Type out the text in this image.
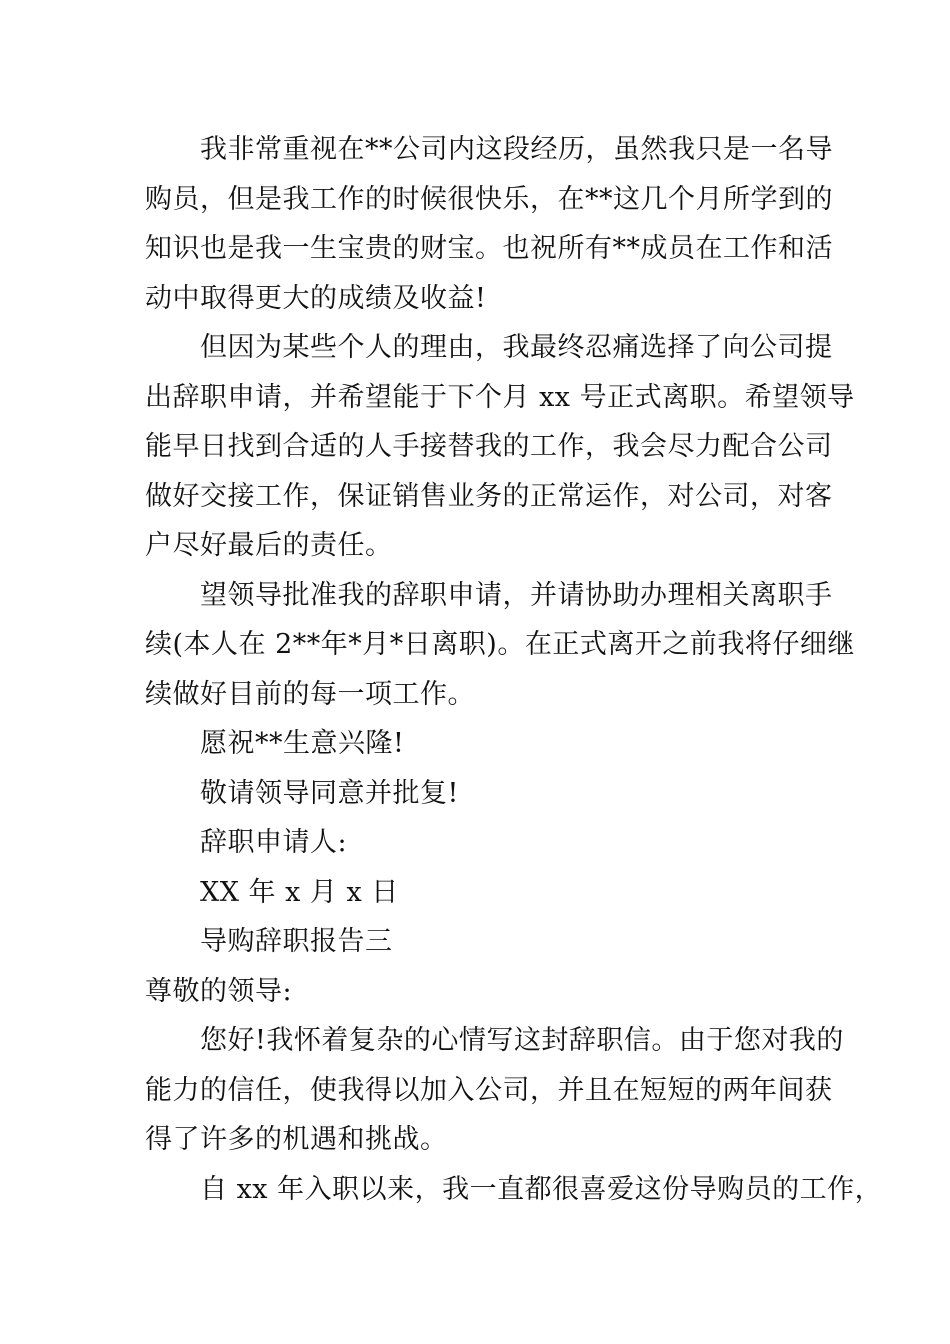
我非常重视在**公司内这段经历，虽然我只是一名导
购员，但是我工作的时候很快乐，在**这几个月所学到的
知识也是我一生宝贵的财宝。也祝所有**成员在工作和活
动中取得更大的成绩及收益!
但因为某些个人的理由，我最终忍痛选择了向公司提
出辞职申请，并希望能于下个月 xx 号正式离职。希望领导
能早日找到合适的人手接替我的工作，我会尽力配合公司
做好交接工作，保证销售业务的正常运作，对公司，对客
户尽好最后的责任。
望领导批准我的辞职申请，并请协助办理相关离职手
续(本人在 2**年*月*日离职)。在正式离开之前我将仔细继
续做好目前的每一项工作。
愿祝**生意兴隆!
敬请领导同意并批复!
辞职申请人:
XX 年 x 月 x 日
导购辞职报告三
尊敬的领导:
您好!我怀着复杂的心情写这封辞职信。由于您对我的
能力的信任，使我得以加入公司，并且在短短的两年间获
得了许多的机遇和挑战。
自 xx 年入职以来，我一直都很喜爱这份导购员的工作，
